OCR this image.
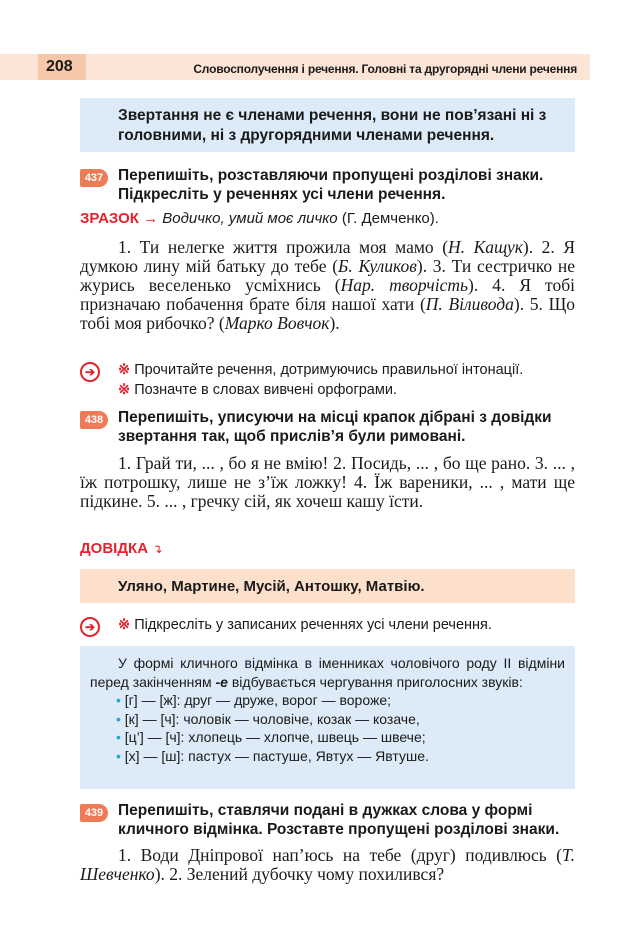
208	Словосполучення і речення. Головні та другорядні члени речення
Звертання не є членами речення, вони не пов’язані ні з головними, ні з другорядними членами речення.
437 Перепишіть, розставляючи пропущені розділові знаки. Підкресліть у реченнях усі члени речення.
ЗРАЗОК → Водичко, умий моє личко (Г. Демченко).
1. Ти нелегке життя прожила моя мамо (Н. Кащук). 2. Я думкою лину мій батьку до тебе (Б. Куликов). 3. Ти сестричко не журись веселенько усміхнись (Нар. творчість). 4. Я тобі призначаю побачення брате біля нашої хати (П. Віливода). 5. Що тобі моя рибочко? (Марко Вовчок).
➔	※ Прочитайте речення, дотримуючись правильної інтонації.
※ Позначте в словах вивчені орфограми.
438 Перепишіть, уписуючи на місці крапок дібрані з довідки звертання так, щоб прислів’я були римовані.
1. Грай ти, ... , бо я не вмію! 2. Посидь, ... , бо ще рано. 3. ... , їж потрошку, лише не з’їж ложку! 4. Їж вареники, ... , мати ще підкине. 5. ... , гречку сій, як хочеш кашу їсти.
ДОВІДКА ↴
Уляно, Мартине, Мусій, Антошку, Матвію.
➔	※ Підкресліть у записаних реченнях усі члени речення.
У формі кличного відмінка в іменниках чоловічого роду II відміни перед закінченням -е відбувається чергування приголосних звуків:
• [г] — [ж]: друг — друже, ворог — вороже;
• [к] — [ч]: чоловік — чоловіче, козак — козаче,
• [ц’] — [ч]: хлопець — хлопче, швець — швече;
• [х] — [ш]: пастух — пастуше, Явтух — Явтуше.
439 Перепишіть, ставлячи подані в дужках слова у формі кличного відмінка. Розставте пропущені розділові знаки.
1. Води Дніпрової нап’юсь на тебе (друг) подивлюсь (Т. Шевченко). 2. Зелений дубочку чому похилився?
